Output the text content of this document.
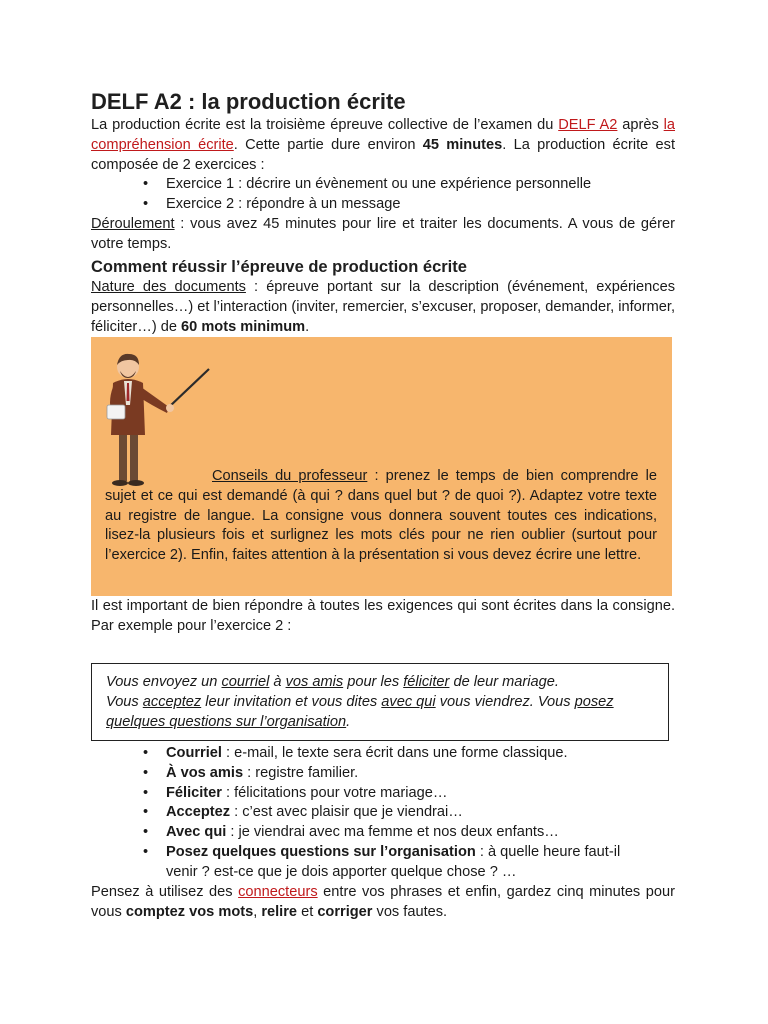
DELF A2 : la production écrite
La production écrite est la troisième épreuve collective de l’examen du DELF A2 après la compréhension écrite. Cette partie dure environ 45 minutes. La production écrite est composée de 2 exercices :
• Exercice 1 : décrire un évènement ou une expérience personnelle
• Exercice 2 : répondre à un message
Déroulement : vous avez 45 minutes pour lire et traiter les documents. A vous de gérer votre temps.
Comment réussir l’épreuve de production écrite
Nature des documents : épreuve portant sur la description (événement, expériences personnelles…) et l’interaction (inviter, remercier, s’excuser, proposer, demander, informer, féliciter…) de 60 mots minimum.
Conseils du professeur : prenez le temps de bien comprendre le sujet et ce qui est demandé (à qui ? dans quel but ? de quoi ?). Adaptez votre texte au registre de langue. La consigne vous donnera souvent toutes ces indications, lisez-la plusieurs fois et surlignez les mots clés pour ne rien oublier (surtout pour l’exercice 2). Enfin, faites attention à la présentation si vous devez écrire une lettre.
Il est important de bien répondre à toutes les exigences qui sont écrites dans la consigne. Par exemple pour l’exercice 2 :
Vous envoyez un courriel à vos amis pour les féliciter de leur mariage.
Vous acceptez leur invitation et vous dites avec qui vous viendrez. Vous posez quelques questions sur l’organisation.
• Courriel : e-mail, le texte sera écrit dans une forme classique.
• À vos amis : registre familier.
• Féliciter : félicitations pour votre mariage…
• Acceptez : c’est avec plaisir que je viendrai…
• Avec qui : je viendrai avec ma femme et nos deux enfants…
• Posez quelques questions sur l’organisation : à quelle heure faut-il venir ? est-ce que je dois apporter quelque chose ? …
Pensez à utilisez des connecteurs entre vos phrases et enfin, gardez cinq minutes pour vous comptez vos mots, relire et corriger vos fautes.
